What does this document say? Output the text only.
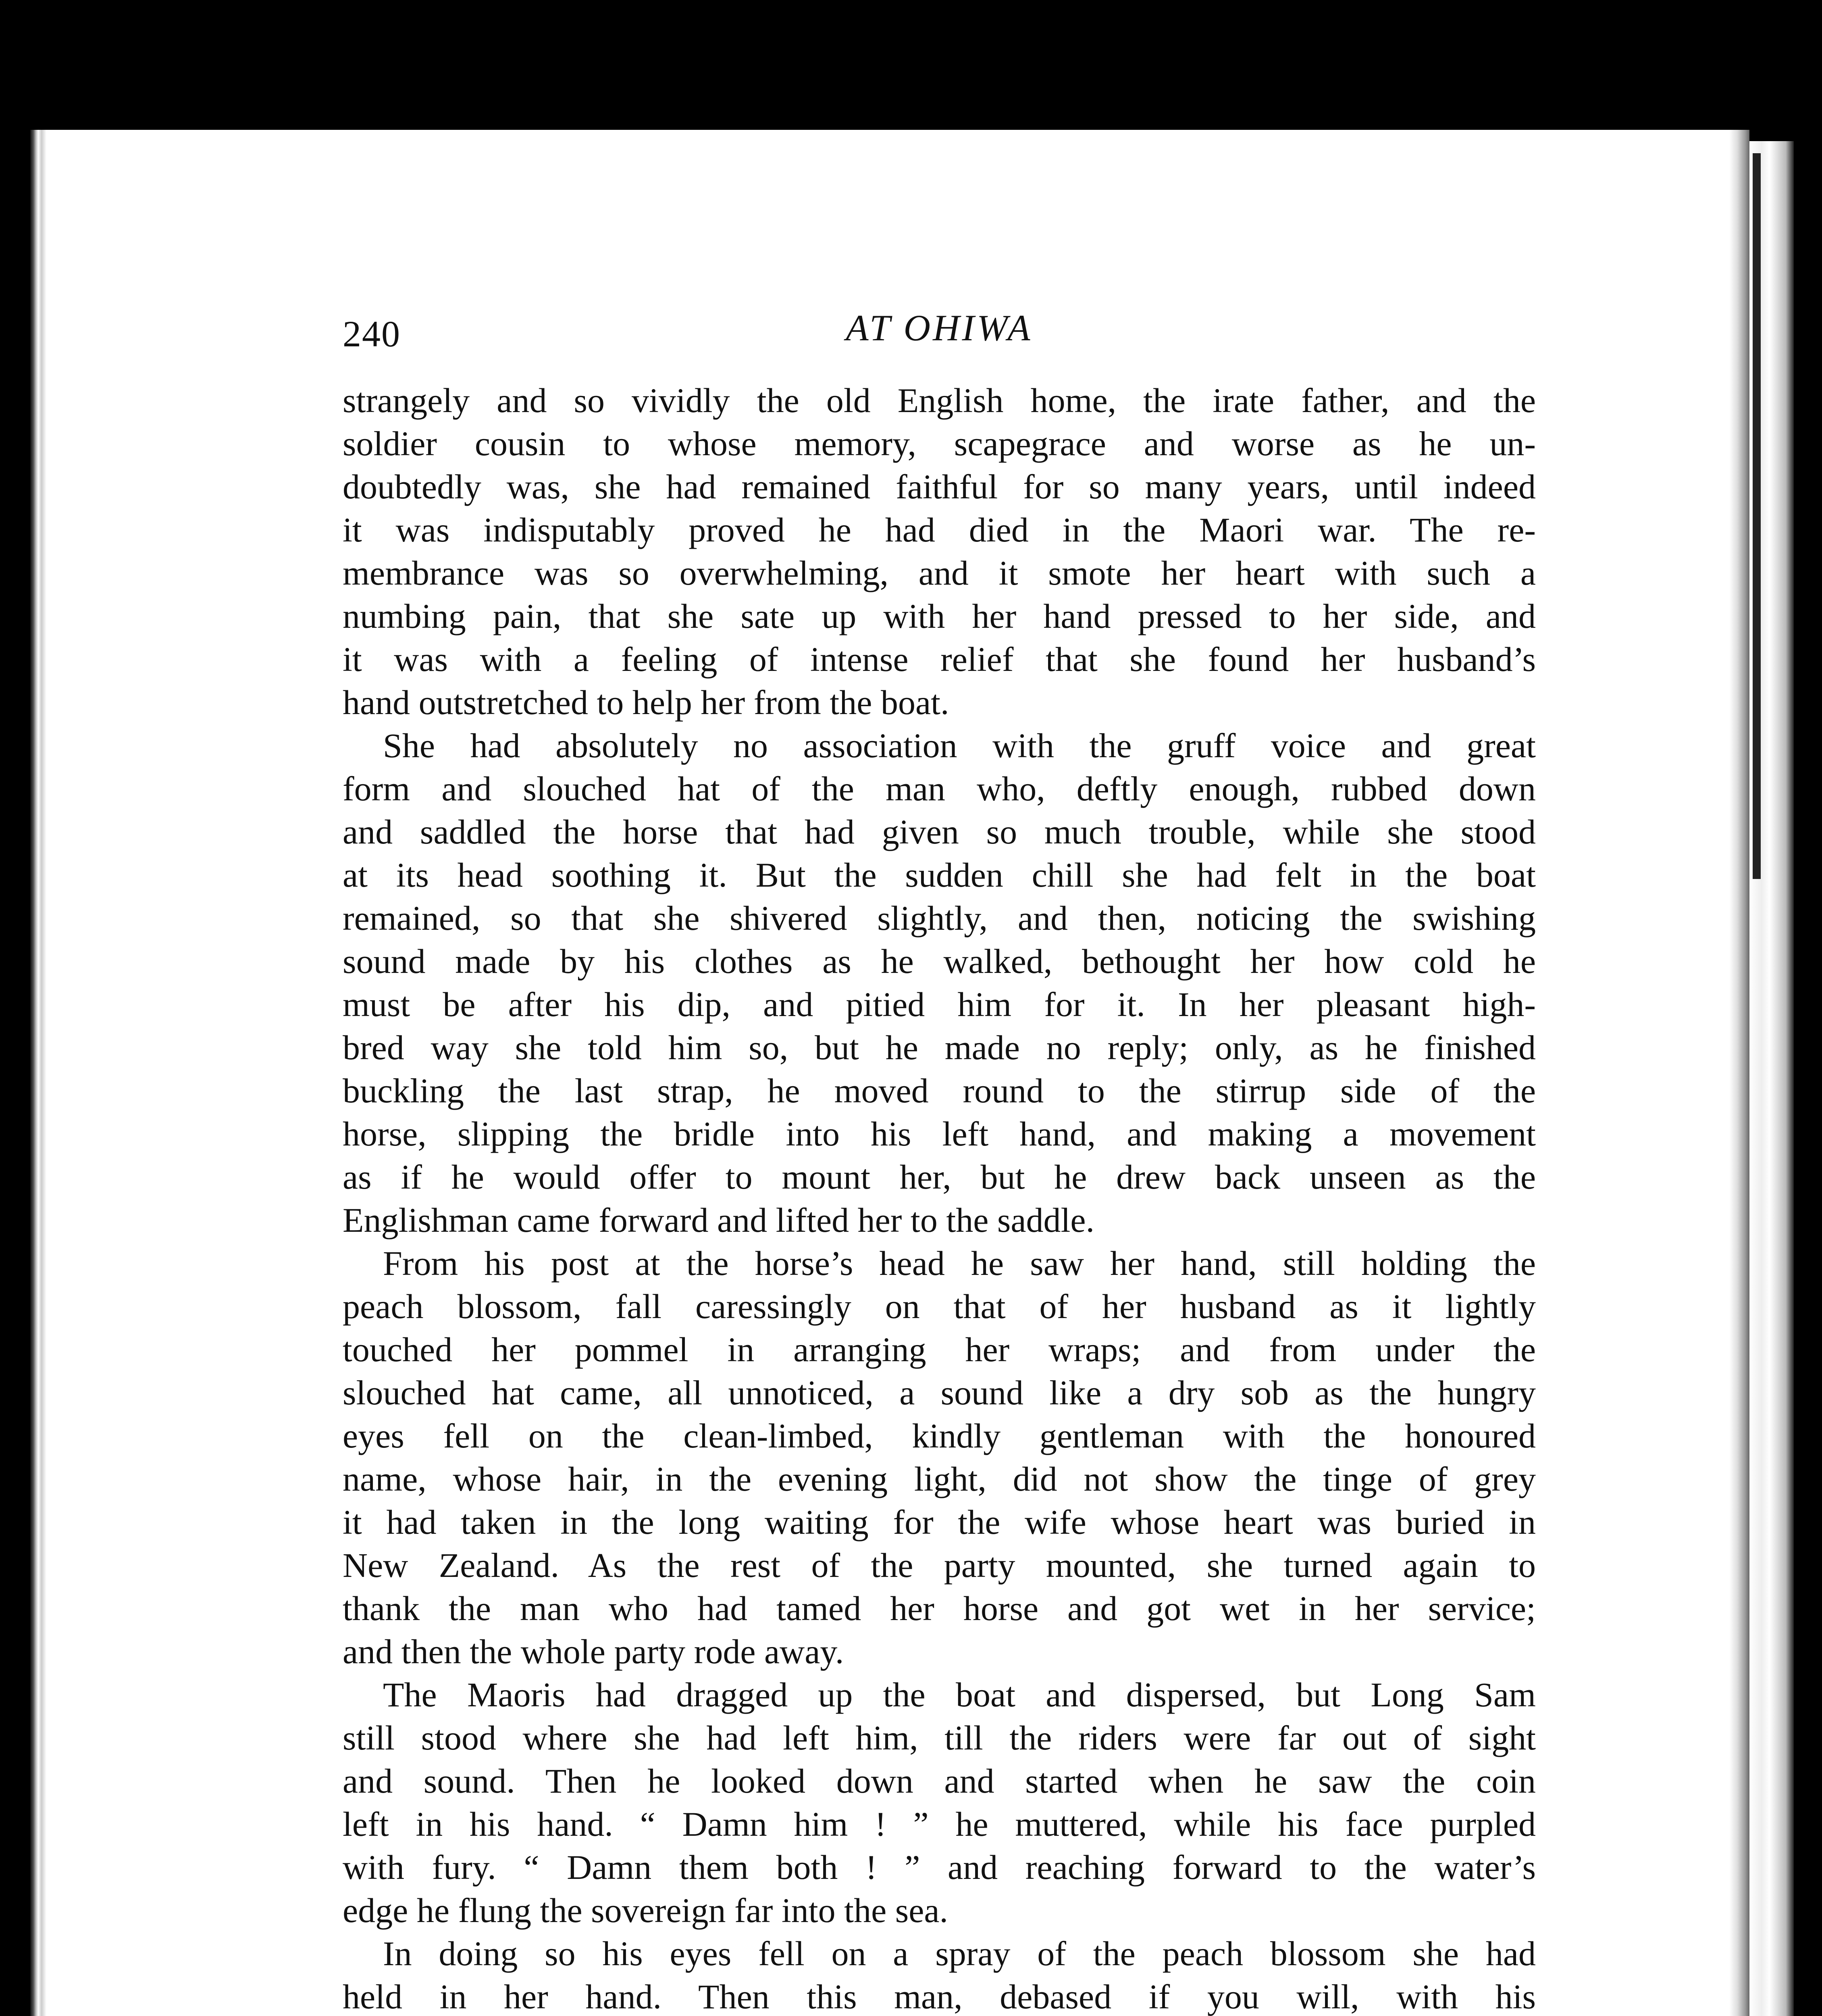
240	AT OHIWA
strangely and so vividly the old English home, the irate father, and the
soldier cousin to whose memory, scapegrace and worse as he un-
doubtedly was, she had remained faithful for so many years, until indeed
it was indisputably proved he had died in the Maori war. The re-
membrance was so overwhelming, and it smote her heart with such a
numbing pain, that she sate up with her hand pressed to her side, and
it was with a feeling of intense relief that she found her husband’s
hand outstretched to help her from the boat.
She had absolutely no association with the gruff voice and great
form and slouched hat of the man who, deftly enough, rubbed down
and saddled the horse that had given so much trouble, while she stood
at its head soothing it. But the sudden chill she had felt in the boat
remained, so that she shivered slightly, and then, noticing the swishing
sound made by his clothes as he walked, bethought her how cold he
must be after his dip, and pitied him for it. In her pleasant high-
bred way she told him so, but he made no reply; only, as he finished
buckling the last strap, he moved round to the stirrup side of the
horse, slipping the bridle into his left hand, and making a movement
as if he would offer to mount her, but he drew back unseen as the
Englishman came forward and lifted her to the saddle.
From his post at the horse’s head he saw her hand, still holding the
peach blossom, fall caressingly on that of her husband as it lightly
touched her pommel in arranging her wraps; and from under the
slouched hat came, all unnoticed, a sound like a dry sob as the hungry
eyes fell on the clean-limbed, kindly gentleman with the honoured
name, whose hair, in the evening light, did not show the tinge of grey
it had taken in the long waiting for the wife whose heart was buried in
New Zealand. As the rest of the party mounted, she turned again to
thank the man who had tamed her horse and got wet in her service;
and then the whole party rode away.
The Maoris had dragged up the boat and dispersed, but Long Sam
still stood where she had left him, till the riders were far out of sight
and sound. Then he looked down and started when he saw the coin
left in his hand. “ Damn him ! ” he muttered, while his face purpled
with fury. “ Damn them both ! ” and reaching forward to the water’s
edge he flung the sovereign far into the sea.
In doing so his eyes fell on a spray of the peach blossom she had
held in her hand. Then this man, debased if you will, with his
